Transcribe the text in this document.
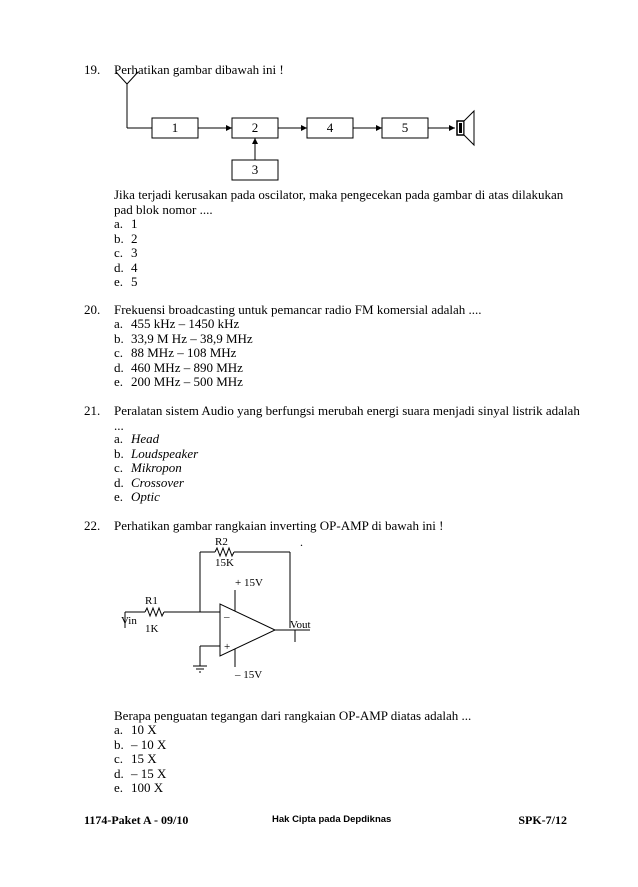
19. Perhatikan gambar dibawah ini !
1	2	4	5
3
Jika terjadi kerusakan pada oscilator, maka pengecekan pada gambar di atas dilakukan
pad blok nomor ....
a. 1
b. 2
c. 3
d. 4
e. 5
20. Frekuensi broadcasting untuk pemancar radio FM komersial adalah ....
a. 455 kHz – 1450 kHz
b. 33,9 M Hz – 38,9 MHz
c. 88 MHz – 108 MHz
d. 460 MHz – 890 MHz
e. 200 MHz – 500 MHz
21. Peralatan sistem Audio yang berfungsi merubah energi suara menjadi sinyal listrik adalah
...
a. Head
b. Loudspeaker
c. Mikropon
d. Crossover
e. Optic
22. Perhatikan gambar rangkaian inverting OP-AMP di bawah ini !
R2
15K
.
R1
1K
Vin	–
+
+ 15V
– 15V
Vout
Berapa penguatan tegangan dari rangkaian OP-AMP diatas adalah ...
a. 10 X
b. – 10 X
c. 15 X
d. – 15 X
e. 100 X
1174-Paket A - 09/10	Hak Cipta pada Depdiknas	SPK-7/12
